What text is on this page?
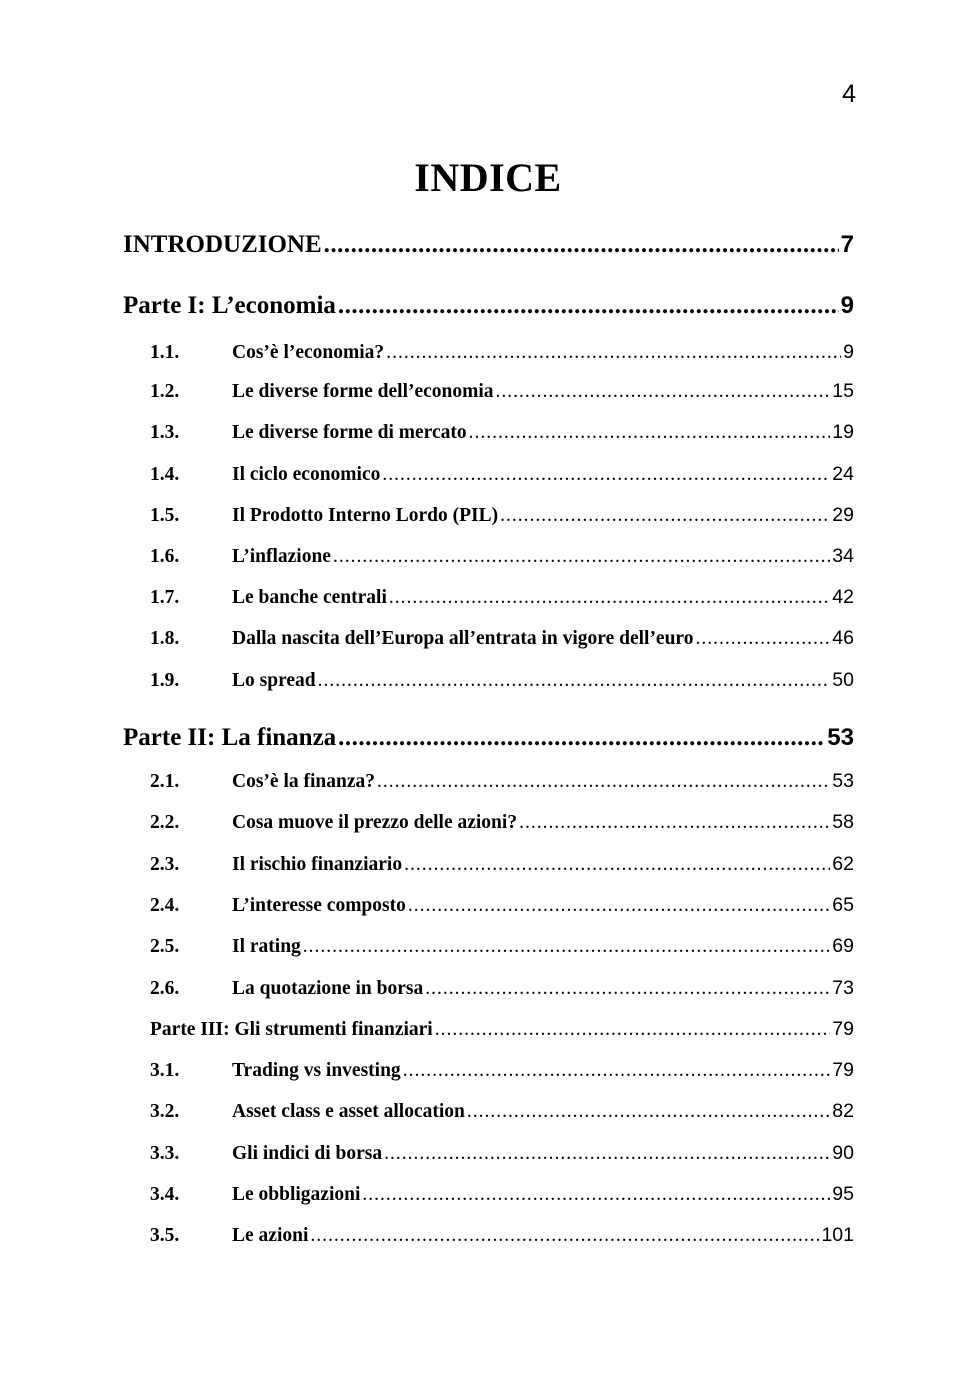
4
INDICE
INTRODUZIONE .....	7
Parte I: L’economia .....	9
1.1.	Cos’è l’economia? .....	9
1.2.	Le diverse forme dell’economia .....	15
1.3.	Le diverse forme di mercato .....	19
1.4.	Il ciclo economico .....	24
1.5.	Il Prodotto Interno Lordo (PIL) .....	29
1.6.	L’inflazione .....	34
1.7.	Le banche centrali .....	42
1.8.	Dalla nascita dell’Europa all’entrata in vigore dell’euro .....	46
1.9.	Lo spread .....	50
Parte II: La finanza .....	53
2.1.	Cos’è la finanza? .....	53
2.2.	Cosa muove il prezzo delle azioni? .....	58
2.3.	Il rischio finanziario .....	62
2.4.	L’interesse composto .....	65
2.5.	Il rating .....	69
2.6.	La quotazione in borsa .....	73
Parte III: Gli strumenti finanziari .....	79
3.1.	Trading vs investing .....	79
3.2.	Asset class e asset allocation .....	82
3.3.	Gli indici di borsa .....	90
3.4.	Le obbligazioni .....	95
3.5.	Le azioni .....	101
